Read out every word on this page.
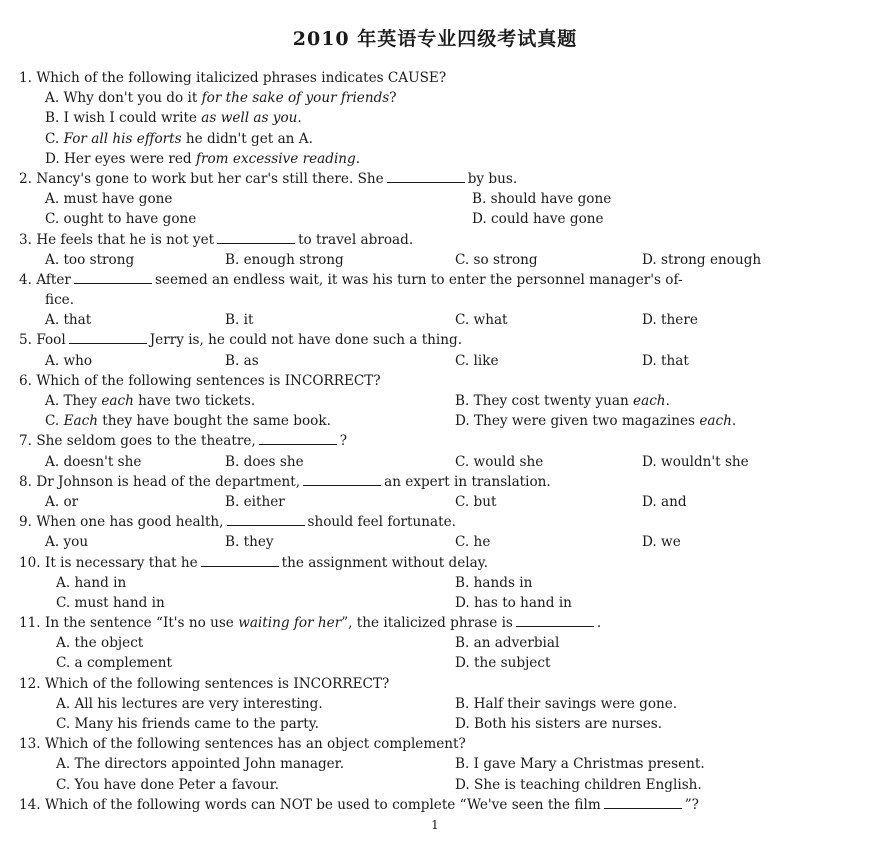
2010 年英语专业四级考试真题
1. Which of the following italicized phrases indicates CAUSE?
A. Why don't you do it for the sake of your friends?
B. I wish I could write as well as you.
C. For all his efforts he didn't get an A.
D. Her eyes were red from excessive reading.
2. Nancy's gone to work but her car's still there. She	by bus.
A. must have gone	B. should have gone
C. ought to have gone	D. could have gone
3. He feels that he is not yet	to travel abroad.
A. too strong	B. enough strong	C. so strong	D. strong enough
4. After	seemed an endless wait, it was his turn to enter the personnel manager's of-
fice.
A. that	B. it	C. what	D. there
5. Fool	Jerry is, he could not have done such a thing.
A. who	B. as	C. like	D. that
6. Which of the following sentences is INCORRECT?
A. They each have two tickets.	B. They cost twenty yuan each.
C. Each they have bought the same book.	D. They were given two magazines each.
7. She seldom goes to the theatre,	?
A. doesn't she	B. does she	C. would she	D. wouldn't she
8. Dr Johnson is head of the department,	an expert in translation.
A. or	B. either	C. but	D. and
9. When one has good health,	should feel fortunate.
A. you	B. they	C. he	D. we
10. It is necessary that he	the assignment without delay.
A. hand in	B. hands in
C. must hand in	D. has to hand in
11. In the sentence “It's no use waiting for her”, the italicized phrase is	.
A. the object	B. an adverbial
C. a complement	D. the subject
12. Which of the following sentences is INCORRECT?
A. All his lectures are very interesting.	B. Half their savings were gone.
C. Many his friends came to the party.	D. Both his sisters are nurses.
13. Which of the following sentences has an object complement?
A. The directors appointed John manager.	B. I gave Mary a Christmas present.
C. You have done Peter a favour.	D. She is teaching children English.
14. Which of the following words can NOT be used to complete “We've seen the film	”?
1
